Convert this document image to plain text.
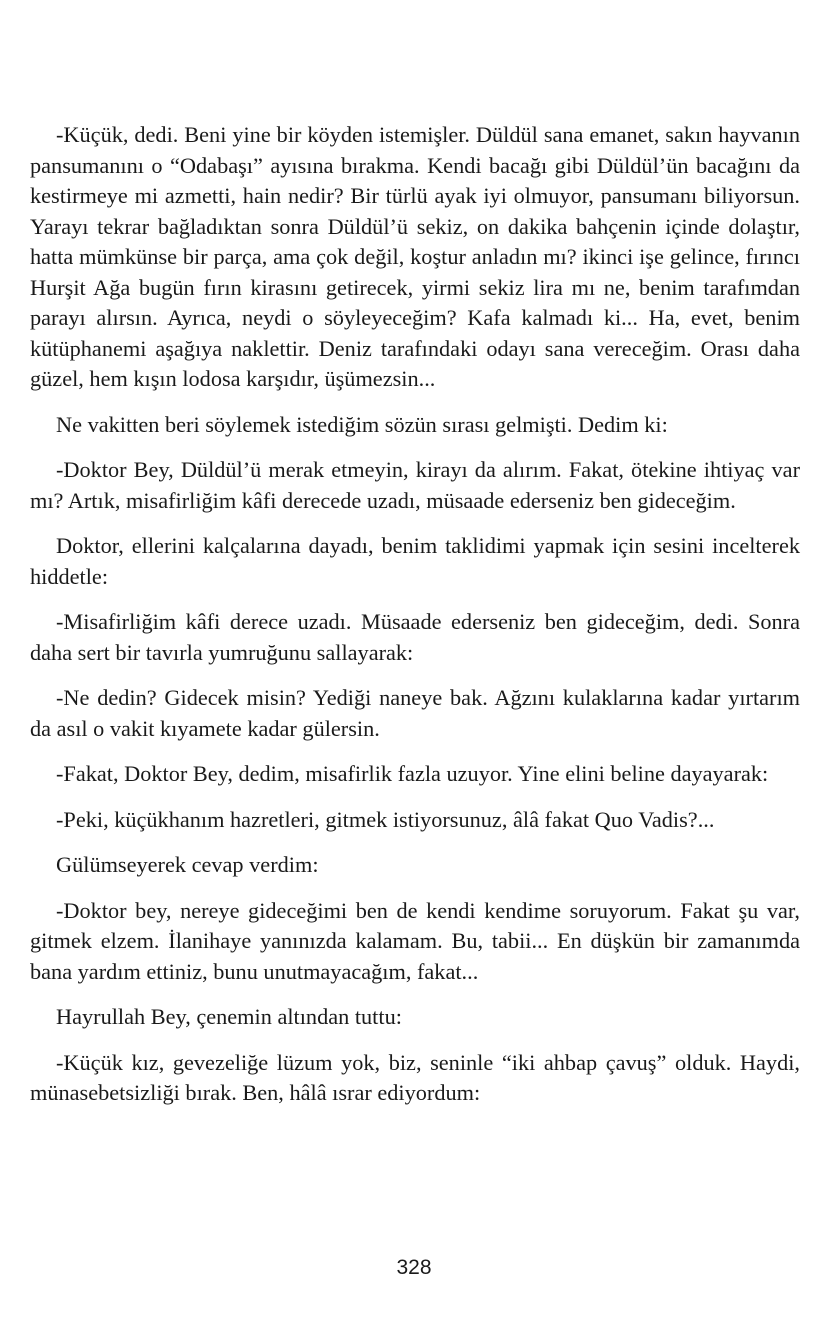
-Küçük, dedi. Beni yine bir köyden istemişler. Düldül sana emanet, sakın hayvanın pansumanını o “Odabaşı” ayısına bırakma. Kendi bacağı gibi Düldül’ün bacağını da kestirmeye mi azmetti, hain nedir? Bir türlü ayak iyi olmuyor, pansumanı biliyorsun. Yarayı tekrar bağladıktan sonra Düldül’ü sekiz, on dakika bahçenin içinde dolaştır, hatta mümkünse bir parça, ama çok değil, koştur anladın mı? ikinci işe gelince, fırıncı Hurşit Ağa bugün fırın kirasını getirecek, yirmi sekiz lira mı ne, benim tarafımdan parayı alırsın. Ayrıca, neydi o söyleyeceğim? Kafa kalmadı ki... Ha, evet, benim kütüphanemi aşağıya naklettir. Deniz tarafındaki odayı sana vereceğim. Orası daha güzel, hem kışın lodosa karşıdır, üşümezsin...

Ne vakitten beri söylemek istediğim sözün sırası gelmişti. Dedim ki:

-Doktor Bey, Düldül’ü merak etmeyin, kirayı da alırım. Fakat, ötekine ihtiyaç var mı? Artık, misafirliğim kâfi derecede uzadı, müsaade ederseniz ben gideceğim.

Doktor, ellerini kalçalarına dayadı, benim taklidimi yapmak için sesini incelterek hiddetle:

-Misafirliğim kâfi derece uzadı. Müsaade ederseniz ben gideceğim, dedi. Sonra daha sert bir tavırla yumruğunu sallayarak:

-Ne dedin? Gidecek misin? Yediği naneye bak. Ağzını kulaklarına kadar yırtarım da asıl o vakit kıyamete kadar gülersin.

-Fakat, Doktor Bey, dedim, misafirlik fazla uzuyor. Yine elini beline dayayarak:

-Peki, küçükhanım hazretleri, gitmek istiyorsunuz, âlâ fakat Quo Vadis?...

Gülümseyerek cevap verdim:

-Doktor bey, nereye gideceğimi ben de kendi kendime soruyorum. Fakat şu var, gitmek elzem. İlanihaye yanınızda kalamam. Bu, tabii... En düşkün bir zamanımda bana yardım ettiniz, bunu unutmayacağım, fakat...

Hayrullah Bey, çenemin altından tuttu:

-Küçük kız, gevezeliğe lüzum yok, biz, seninle “iki ahbap çavuş” olduk. Haydi, münasebetsizliği bırak. Ben, hâlâ ısrar ediyordum:

328
